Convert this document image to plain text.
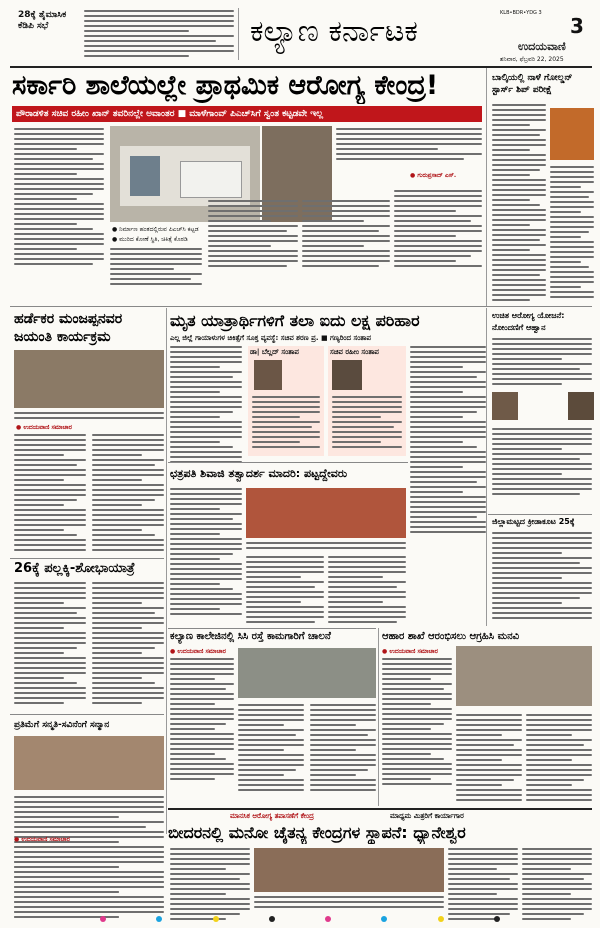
28ಕ್ಕೆ ತೈಮಾಸಿಕ ಕೆಡಿಪಿ ಸಭೆ	ಕಲ್ಯಾಣ ಕರ್ನಾಟಕ
KLB•BDR•YDG 3
3
ಉದಯವಾಣಿ
ಶನಿವಾರ, ಫೆಬ್ರವರಿ 22, 2025
ಸರ್ಕಾರಿ ಶಾಲೆಯಲ್ಲೇ ಪ್ರಾಥಮಿಕ ಆರೋಗ್ಯ ಕೇಂದ್ರ!
ಪೌರಾಡಳಿತ ಸಚಿವ ರಹೀಂ ಖಾನ್ ತವರಿನಲ್ಲೇ ಅವಾಂತರ ■ ಮಾಳೆಗಾಂವ್ ಪಿಎಚ್‌ಸಿಗೆ ಸ್ವಂತ ಕಟ್ಟಡವೇ ಇಲ್ಲ
● ನಿರ್ಮಾಣ ಹಂತದಲ್ಲಿರುವ ಪಿಎಚ್‌ಸಿ ಕಟ್ಟಡ
● ಮುರಿದ ಕೋಣೆ ಸ್ಥಿತಿ, ಚಿಕಿತ್ಸೆ ಕೊಠಡಿ
● ಗುರುಪ್ರಸಾದ್ ಎಸ್.
ಬಾಲ್ಕಿಯಲ್ಲಿ ನಾಳೆ ಗೋಲ್ಡನ್ ಸ್ಟಾರ್ಸ್ ಶಿಪ್ ಪರೀಕ್ಷೆ
ಹರ್ಡೆಕರ ಮಂಜಪ್ಪನವರ
ಜಯಂತಿ ಕಾರ್ಯಕ್ರಮ
● ಉದಯವಾಣಿ ಸಮಾಚಾರ
26ಕ್ಕೆ ಪಲ್ಲಕ್ಕಿ-ಶೋಭಾಯಾತ್ರೆ
ಪ್ರತಿಮೆಗೆ ಸನ್ಮತಿ-ಸವಿನೆಂಗೆ ಸನ್ಮಾನ
ಮೃತ ಯಾತ್ರಾರ್ಥಿಗಳಿಗೆ ತಲಾ ಐದು ಲಕ್ಷ ಪರಿಹಾರ
ಎಲ್ಲ ಜಿಲ್ಲೆ ಗಾಯಾಳುಗಳ ಚಿಕಿತ್ಸೆಗೆ ಸೂಕ್ತ ವ್ಯವಸ್ಥೆ: ಸಚಿವ ಶರಣ ಪ್ರ. ■ ಗಣ್ಯರಿಂದ ಸಂತಾಪ
ಡಾ| ಬೆಲ್ಲದ್ ಸಂತಾಪ	ಸಚಿವ ರಹೀಂ ಸಂತಾಪ
ಛತ್ರಪತಿ ಶಿವಾಜಿ ತತ್ವಾದರ್ಶ ಮಾದರಿ: ಪಟ್ಟದ್ದೇವರು
ಕಲ್ಯಾಣ ಕಾಲೇಜಿನಲ್ಲಿ ಸಿಸಿ ರಸ್ತೆ ಕಾಮಗಾರಿಗೆ ಚಾಲನೆ
● ಉದಯವಾಣಿ ಸಮಾಚಾರ
ಆಹಾರ ಶಾಖೆ ಆರಂಭಿಸಲು ಆಗ್ರಹಿಸಿ ಮನವಿ
● ಉದಯವಾಣಿ ಸಮಾಚಾರ
ಉಚಿತ ಆರೋಗ್ಯ ಯೋಜನೆ: ನೋಂದಣಿಗೆ ಆಹ್ವಾನ
ಜಿಲ್ಲಾಮಟ್ಟದ ಕ್ರೀಡಾಕೂಟ 25ಕ್ಕೆ
ಮಾನಸಿಕ ಆರೋಗ್ಯ ತಪಾಸಣೆಗೆ ಕೇಂದ್ರ	ಮಾಧ್ಯಮ ಮಿತ್ರರಿಗೆ ಕಾರ್ಯಾಗಾರ
ಬೀದರನಲ್ಲಿ ಮನೋ ಚೈತನ್ಯ ಕೇಂದ್ರಗಳ ಸ್ಥಾಪನೆ: ಧ್ಯಾನೇಶ್ವರ
● ಉದಯವಾಣಿ ಸಮಾಚಾರ
